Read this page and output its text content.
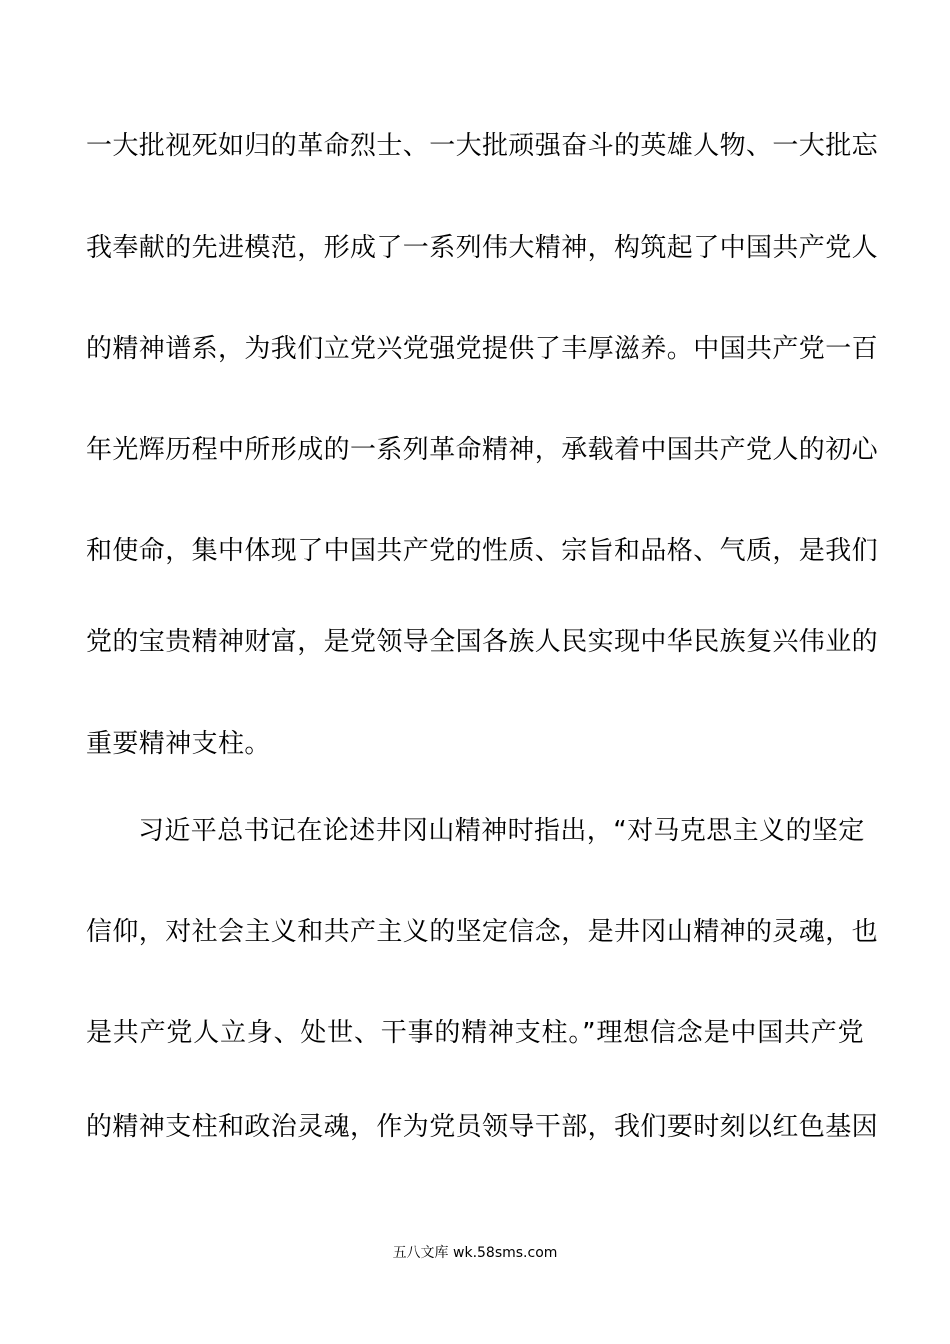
一大批视死如归的革命烈士、一大批顽强奋斗的英雄人物、一大批忘
我奉献的先进模范，形成了一系列伟大精神，构筑起了中国共产党人
的精神谱系，为我们立党兴党强党提供了丰厚滋养。中国共产党一百
年光辉历程中所形成的一系列革命精神，承载着中国共产党人的初心
和使命，集中体现了中国共产党的性质、宗旨和品格、气质，是我们
党的宝贵精神财富，是党领导全国各族人民实现中华民族复兴伟业的
重要精神支柱。
习近平总书记在论述井冈山精神时指出，“对马克思主义的坚定
信仰，对社会主义和共产主义的坚定信念，是井冈山精神的灵魂，也
是共产党人立身、处世、干事的精神支柱。”理想信念是中国共产党
的精神支柱和政治灵魂，作为党员领导干部，我们要时刻以红色基因
五八文库 wk.58sms.com
